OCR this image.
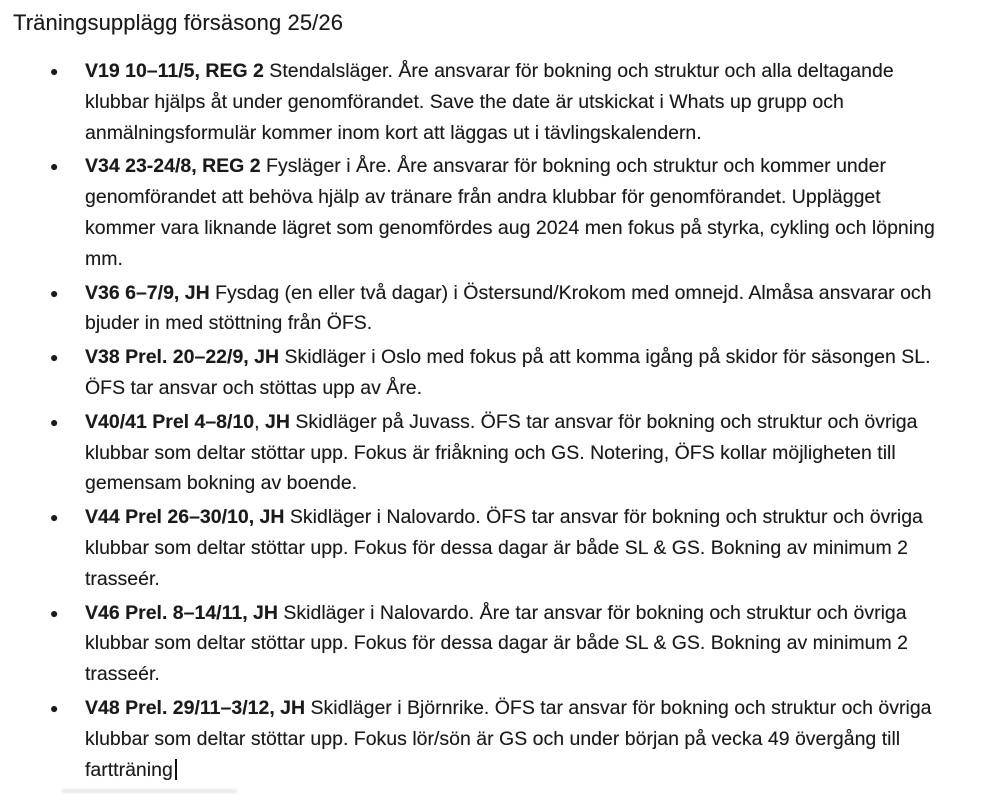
Träningsupplägg försäsong 25/26
● V19 10–11/5, REG 2 Stendalsläger. Åre ansvarar för bokning och struktur och alla deltagande klubbar hjälps åt under genomförandet. Save the date är utskickat i Whats up grupp och anmälningsformulär kommer inom kort att läggas ut i tävlingskalendern.
● V34 23-24/8, REG 2 Fysläger i Åre. Åre ansvarar för bokning och struktur och kommer under genomförandet att behöva hjälp av tränare från andra klubbar för genomförandet. Upplägget kommer vara liknande lägret som genomfördes aug 2024 men fokus på styrka, cykling och löpning mm.
● V36 6–7/9, JH Fysdag (en eller två dagar) i Östersund/Krokom med omnejd. Almåsa ansvarar och bjuder in med stöttning från ÖFS.
● V38 Prel. 20–22/9, JH Skidläger i Oslo med fokus på att komma igång på skidor för säsongen SL. ÖFS tar ansvar och stöttas upp av Åre.
● V40/41 Prel 4–8/10, JH Skidläger på Juvass. ÖFS tar ansvar för bokning och struktur och övriga klubbar som deltar stöttar upp. Fokus är friåkning och GS. Notering, ÖFS kollar möjligheten till gemensam bokning av boende.
● V44 Prel 26–30/10, JH Skidläger i Nalovardo. ÖFS tar ansvar för bokning och struktur och övriga klubbar som deltar stöttar upp. Fokus för dessa dagar är både SL & GS. Bokning av minimum 2 trasseér.
● V46 Prel. 8–14/11, JH Skidläger i Nalovardo. Åre tar ansvar för bokning och struktur och övriga klubbar som deltar stöttar upp. Fokus för dessa dagar är både SL & GS. Bokning av minimum 2 trasseér.
● V48 Prel. 29/11–3/12, JH Skidläger i Björnrike. ÖFS tar ansvar för bokning och struktur och övriga klubbar som deltar stöttar upp. Fokus lör/sön är GS och under början på vecka 49 övergång till fartträning
